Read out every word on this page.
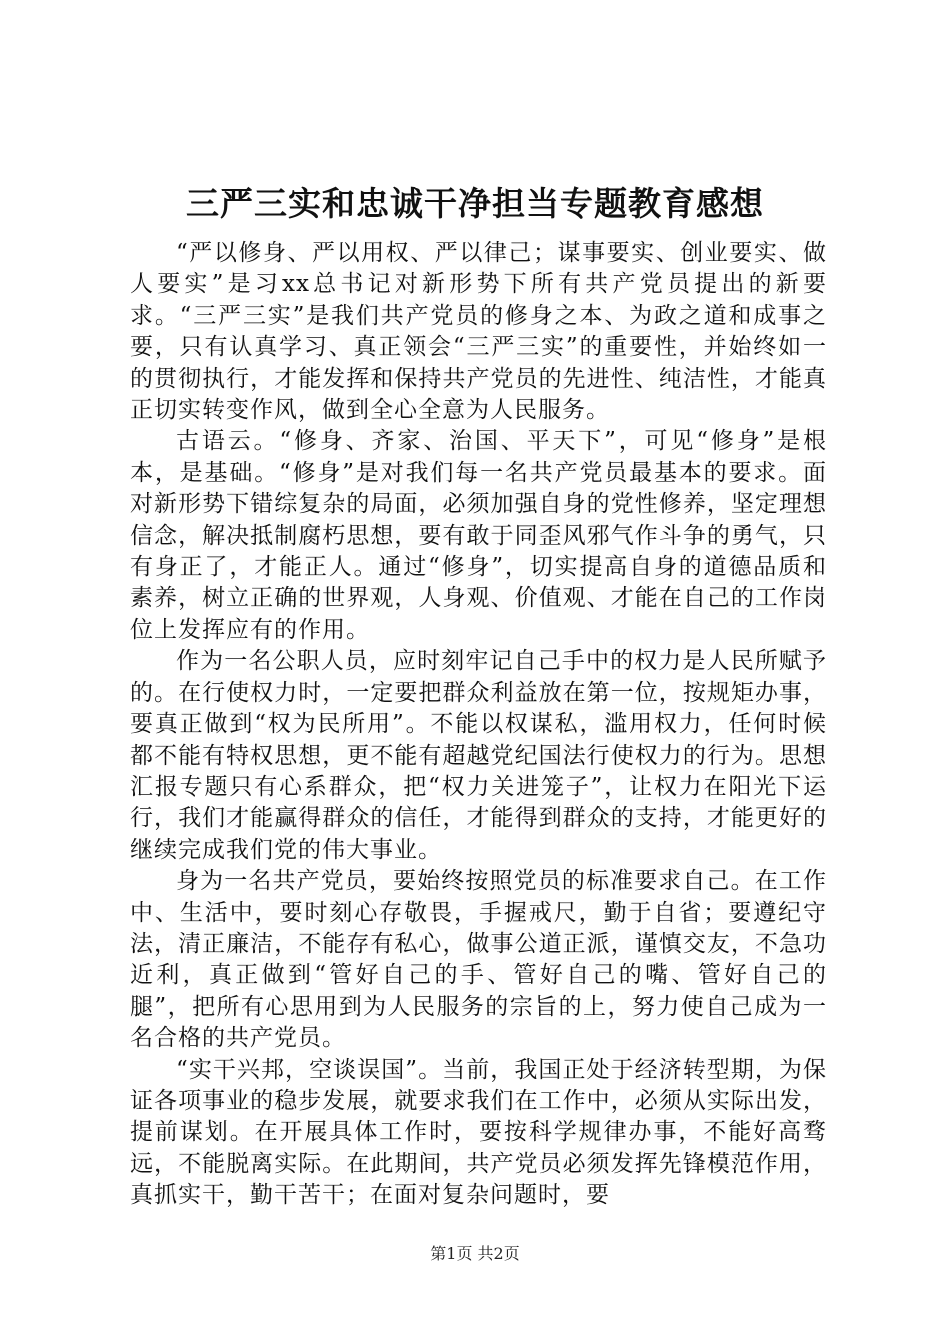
三严三实和忠诚干净担当专题教育感想

“严以修身、严以用权、严以律己；谋事要实、创业要实、做人要实”是习xx总书记对新形势下所有共产党员提出的新要求。“三严三实”是我们共产党员的修身之本、为政之道和成事之要，只有认真学习、真正领会“三严三实”的重要性，并始终如一的贯彻执行，才能发挥和保持共产党员的先进性、纯洁性，才能真正切实转变作风，做到全心全意为人民服务。

古语云。“修身、齐家、治国、平天下”，可见“修身”是根本，是基础。“修身”是对我们每一名共产党员最基本的要求。面对新形势下错综复杂的局面，必须加强自身的党性修养，坚定理想信念，解决抵制腐朽思想，要有敢于同歪风邪气作斗争的勇气，只有身正了，才能正人。通过“修身”，切实提高自身的道德品质和素养，树立正确的世界观，人身观、价值观、才能在自己的工作岗位上发挥应有的作用。

作为一名公职人员，应时刻牢记自己手中的权力是人民所赋予的。在行使权力时，一定要把群众利益放在第一位，按规矩办事，要真正做到“权为民所用”。不能以权谋私，滥用权力，任何时候都不能有特权思想，更不能有超越党纪国法行使权力的行为。思想汇报专题只有心系群众，把“权力关进笼子”，让权力在阳光下运行，我们才能赢得群众的信任，才能得到群众的支持，才能更好的继续完成我们党的伟大事业。

身为一名共产党员，要始终按照党员的标准要求自己。在工作中、生活中，要时刻心存敬畏，手握戒尺，勤于自省；要遵纪守法，清正廉洁，不能存有私心，做事公道正派，谨慎交友，不急功近利，真正做到“管好自己的手、管好自己的嘴、管好自己的腿”，把所有心思用到为人民服务的宗旨的上，努力使自己成为一名合格的共产党员。

“实干兴邦，空谈误国”。当前，我国正处于经济转型期，为保证各项事业的稳步发展，就要求我们在工作中，必须从实际出发，提前谋划。在开展具体工作时，要按科学规律办事，不能好高骛远，不能脱离实际。在此期间，共产党员必须发挥先锋模范作用，真抓实干，勤干苦干；在面对复杂问题时，要

第1页 共2页
